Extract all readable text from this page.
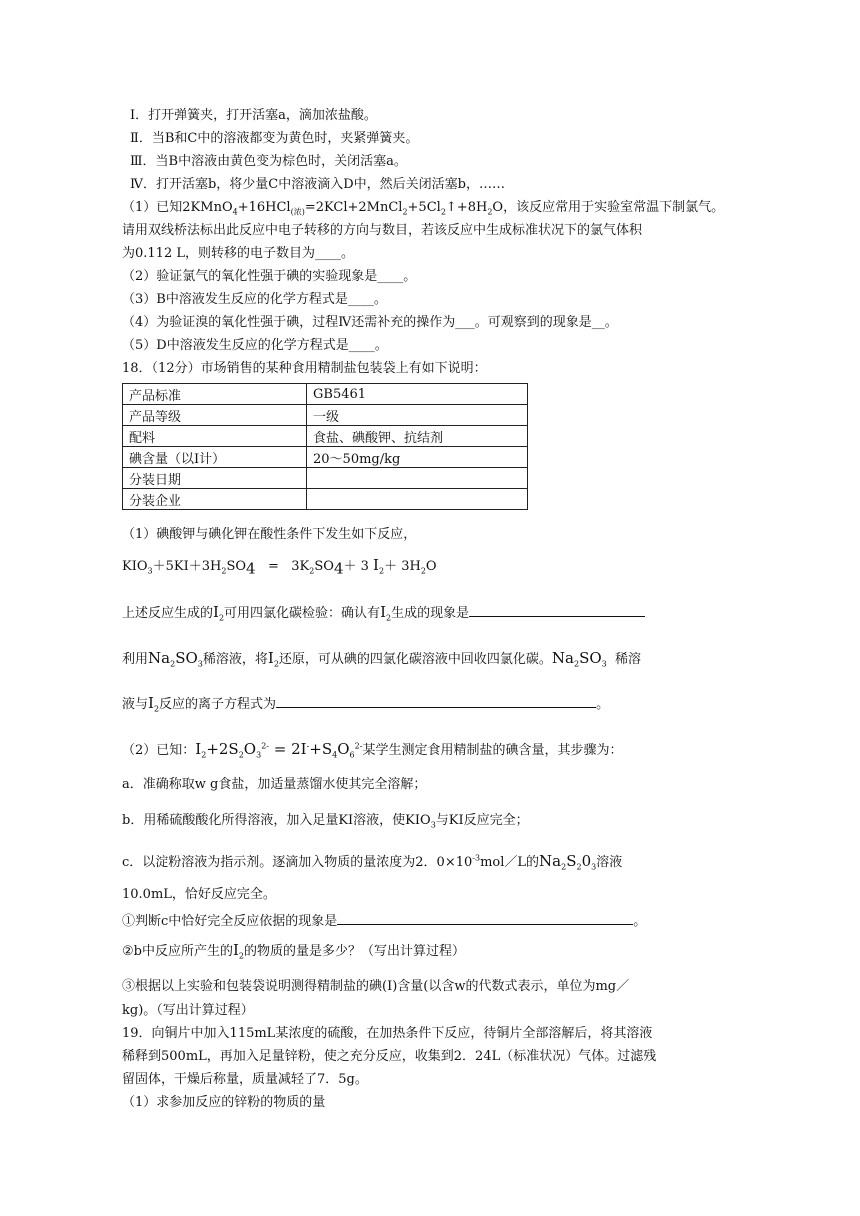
Ⅰ．打开弹簧夹，打开活塞a，滴加浓盐酸。
Ⅱ．当B和C中的溶液都变为黄色时，夹紧弹簧夹。
Ⅲ．当B中溶液由黄色变为棕色时，关闭活塞a。
Ⅳ．打开活塞b，将少量C中溶液滴入D中，然后关闭活塞b，……
（1）已知$2KMnO_4+16HCl_{(浓)}=2KCl+2MnCl_2+5Cl_2↑+8H_2O$，该反应常用于实验室常温下制氯气。
请用双线桥法标出此反应中电子转移的方向与数目，若该反应中生成标准状况下的氯气体积
为0.112 L，则转移的电子数目为____。
（2）验证氯气的氧化性强于碘的实验现象是____。
（3）B中溶液发生反应的化学方程式是____。
（4）为验证溴的氧化性强于碘，过程Ⅳ还需补充的操作为___。可观察到的现象是__。
（5）D中溶液发生反应的化学方程式是____。
18．（12分）市场销售的某种食用精制盐包装袋上有如下说明：
产品标准	GB5461
产品等级	一级
配料	食盐、碘酸钾、抗结剂
碘含量（以Ⅰ计）	20～50mg/kg
分装日期	
分装企业	
（1）碘酸钾与碘化钾在酸性条件下发生如下反应，
$KIO_3+5KI+3H_2SO_4 = 3K_2SO_4+ 3$ $I_2+ 3H_2O$
上述反应生成的$I_2$可用四氯化碳检验：确认有$I_2$生成的现象是
利用$Na_2SO_3$稀溶液，将$I_2$还原，可从碘的四氯化碳溶液中回收四氯化碳。$Na_2SO_3$ 稀溶
液与$I_2$反应的离子方程式为	。
（2）已知：$I_2+2S_2O_3^{2-} = 2I^-+S_4O_6^{2-}$某学生测定食用精制盐的碘含量，其步骤为：
a．准确称取w g食盐，加适量蒸馏水使其完全溶解；
b．用稀硫酸酸化所得溶液，加入足量KI溶液，使$KIO_3$与KI反应完全；
c．以淀粉溶液为指示剂。逐滴加入物质的量浓度为2．$0\times 10^{-3}mol/L$的$Na_2S_20_3$溶液
10.0mL，恰好反应完全。
①判断c中恰好完全反应依据的现象是	。
②b中反应所产生的$I_2$的物质的量是多少？（写出计算过程）
③根据以上实验和包装袋说明测得精制盐的碘(I)含量(以含w的代数式表示，单位为mg／
kg)。（写出计算过程）
19．向铜片中加入115mL某浓度的硫酸，在加热条件下反应，待铜片全部溶解后，将其溶液
稀释到500mL，再加入足量锌粉，使之充分反应，收集到2．24L（标准状况）气体。过滤残
留固体，干燥后称量，质量减轻了7．5g。
（1）求参加反应的锌粉的物质的量
